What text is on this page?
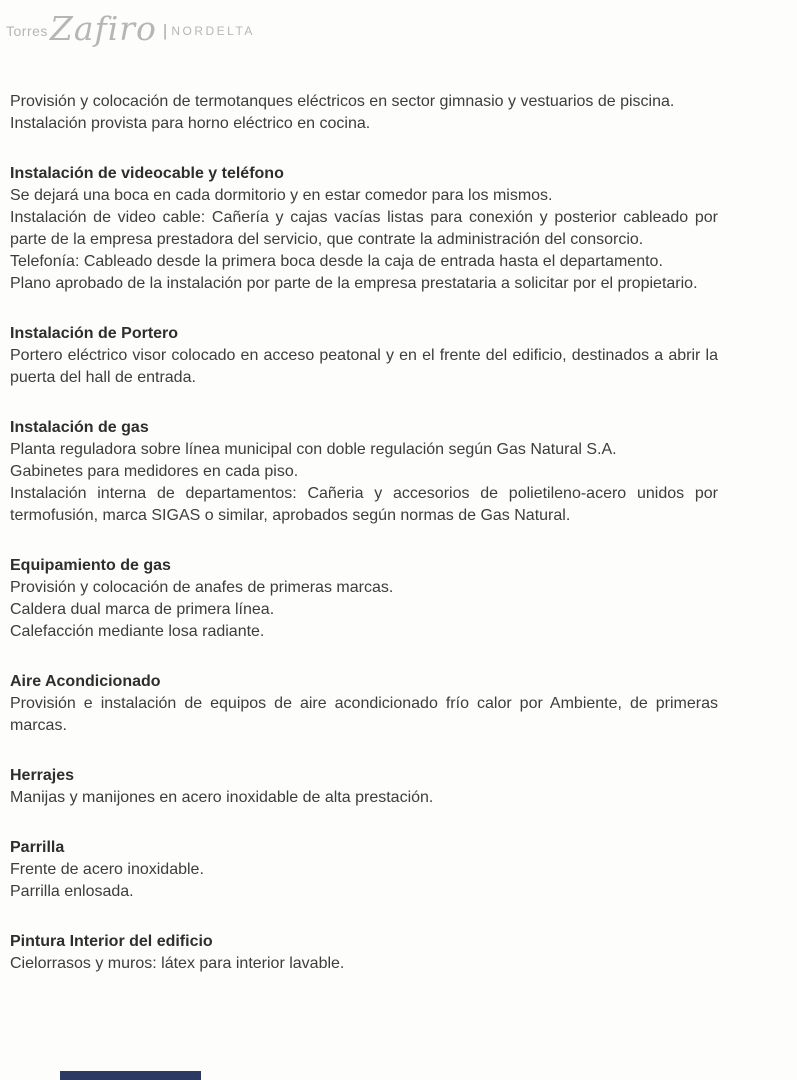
Torres Zafiro | NORDELTA

Provisión y colocación de termotanques eléctricos en sector gimnasio y vestuarios de piscina.

Instalación provista para horno eléctrico en cocina.

Instalación de videocable y teléfono

Se dejará una boca en cada dormitorio y en estar comedor para los mismos.

Instalación de video cable: Cañería y cajas vacías listas para conexión y posterior cableado por parte de la empresa prestadora del servicio, que contrate la administración del consorcio.

Telefonía: Cableado desde la primera boca desde la caja de entrada hasta el departamento.

Plano aprobado de la instalación por parte de la empresa prestataria a solicitar por el propietario.

Instalación de Portero

Portero eléctrico visor colocado en acceso peatonal y en el frente del edificio, destinados a abrir la puerta del hall de entrada.

Instalación de gas

Planta reguladora sobre línea municipal con doble regulación según Gas Natural S.A.

Gabinetes para medidores en cada piso.

Instalación interna de departamentos: Cañeria y accesorios de polietileno-acero unidos por termofusión, marca SIGAS o similar, aprobados según normas de Gas Natural.

Equipamiento de gas

Provisión y colocación de anafes de primeras marcas.

Caldera dual marca de primera línea.

Calefacción mediante losa radiante.

Aire Acondicionado

Provisión e instalación de equipos de aire acondicionado frío calor por Ambiente, de primeras marcas.

Herrajes

Manijas y manijones en acero inoxidable de alta prestación.

Parrilla

Frente de acero inoxidable.

Parrilla enlosada.

Pintura Interior del edificio

Cielorrasos y muros: látex para interior lavable.
